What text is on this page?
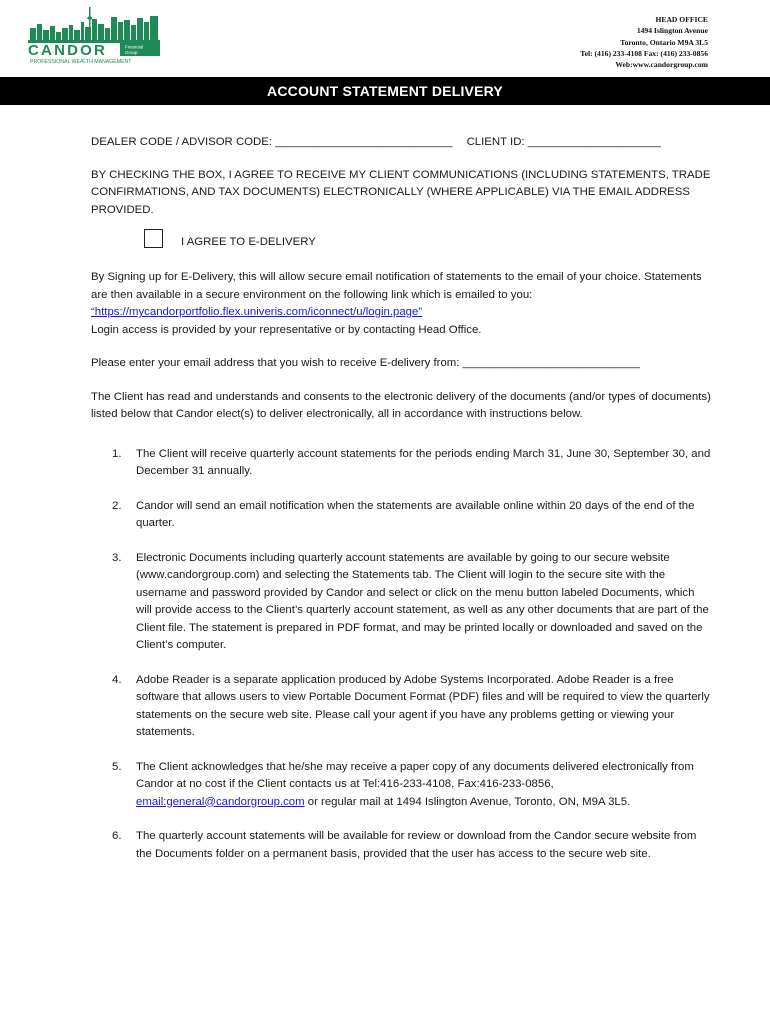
CANDOR	Financial
Group
PROFESSIONAL WEALTH MANAGEMENT
HEAD OFFICE
1494 Islington Avenue
Toronto, Ontario M9A 3L5
Tel: (416) 233-4108 Fax: (416) 233-0856
Web:www.candorgroup.com
ACCOUNT STATEMENT DELIVERY

DEALER CODE / ADVISOR CODE: ____________________________ CLIENT ID: _____________________

BY CHECKING THE BOX, I AGREE TO RECEIVE MY CLIENT COMMUNICATIONS (INCLUDING STATEMENTS, TRADE CONFIRMATIONS, AND TAX DOCUMENTS) ELECTRONICALLY (WHERE APPLICABLE) VIA THE EMAIL ADDRESS PROVIDED.

I AGREE TO E-DELIVERY

By Signing up for E-Delivery, this will allow secure email notification of statements to the email of your choice. Statements are then available in a secure environment on the following link which is emailed to you:
“https://mycandorportfolio.flex.univeris.com/iconnect/u/login.page”
Login access is provided by your representative or by contacting Head Office.

Please enter your email address that you wish to receive E-delivery from: ____________________________

The Client has read and understands and consents to the electronic delivery of the documents (and/or types of documents) listed below that Candor elect(s) to deliver electronically, all in accordance with instructions below.

1. The Client will receive quarterly account statements for the periods ending March 31, June 30, September 30, and December 31 annually.
2. Candor will send an email notification when the statements are available online within 20 days of the end of the quarter.
3. Electronic Documents including quarterly account statements are available by going to our secure website (www.candorgroup.com) and selecting the Statements tab. The Client will login to the secure site with the username and password provided by Candor and select or click on the menu button labeled Documents, which will provide access to the Client’s quarterly account statement, as well as any other documents that are part of the Client file. The statement is prepared in PDF format, and may be printed locally or downloaded and saved on the Client’s computer.
4. Adobe Reader is a separate application produced by Adobe Systems Incorporated. Adobe Reader is a free software that allows users to view Portable Document Format (PDF) files and will be required to view the quarterly statements on the secure web site. Please call your agent if you have any problems getting or viewing your statements.
5. The Client acknowledges that he/she may receive a paper copy of any documents delivered electronically from Candor at no cost if the Client contacts us at Tel:416-233-4108, Fax:416-233-0856, email:general@candorgroup.com or regular mail at 1494 Islington Avenue, Toronto, ON, M9A 3L5.
6. The quarterly account statements will be available for review or download from the Candor secure website from the Documents folder on a permanent basis, provided that the user has access to the secure web site.
